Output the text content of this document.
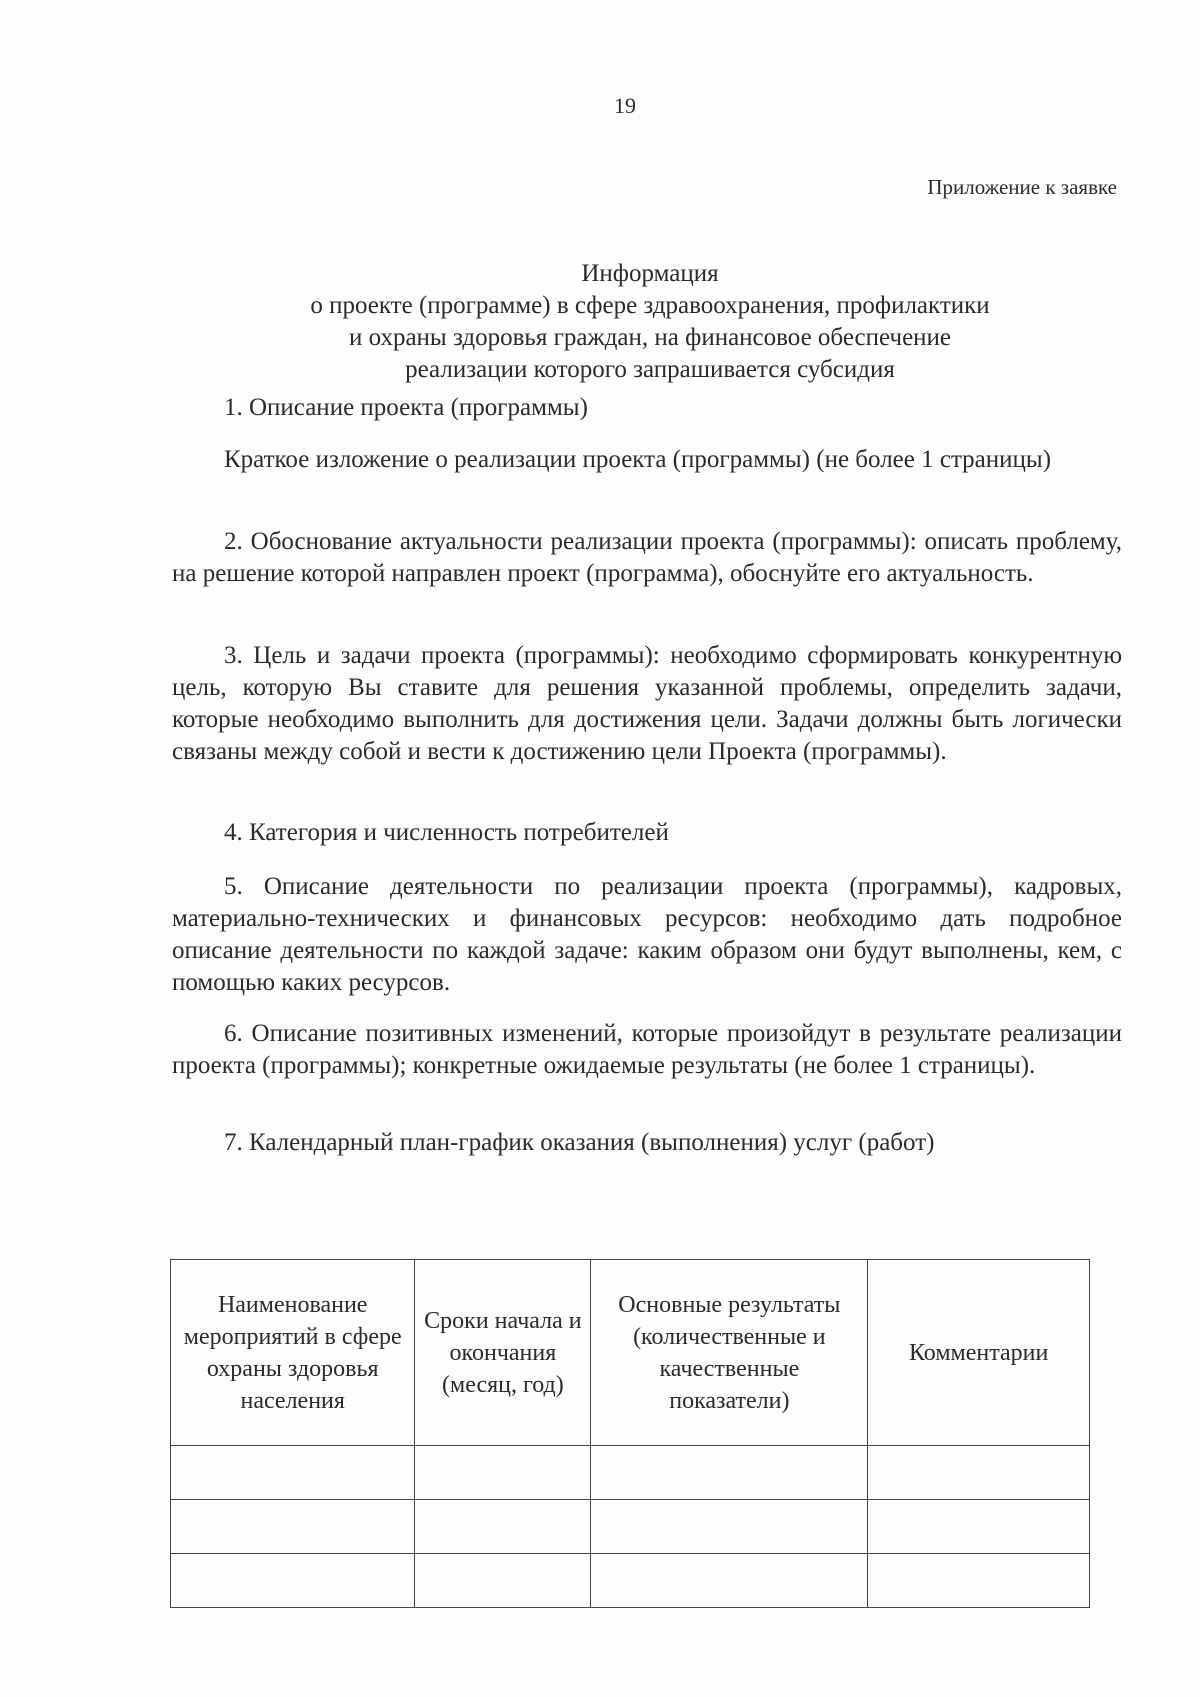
19
Приложение к заявке
Информация
о проекте (программе) в сфере здравоохранения, профилактики
и охраны здоровья граждан, на финансовое обеспечение
реализации которого запрашивается субсидия

1. Описание проекта (программы)

Краткое изложение о реализации проекта (программы) (не более 1 страницы)

2. Обоснование актуальности реализации проекта (программы): описать проблему, на решение которой направлен проект (программа), обоснуйте его актуальность.

3. Цель и задачи проекта (программы): необходимо сформировать конкурентную цель, которую Вы ставите для решения указанной проблемы, определить задачи, которые необходимо выполнить для достижения цели. Задачи должны быть логически связаны между собой и вести к достижению цели Проекта (программы).

4. Категория и численность потребителей

5. Описание деятельности по реализации проекта (программы), кадровых, материально-технических и финансовых ресурсов: необходимо дать подробное описание деятельности по каждой задаче: каким образом они будут выполнены, кем, с помощью каких ресурсов.

6. Описание позитивных изменений, которые произойдут в результате реализации проекта (программы); конкретные ожидаемые результаты (не более 1 страницы).

7. Календарный план-график оказания (выполнения) услуг (работ)

Наименование мероприятий в сфере охраны здоровья населения	Сроки начала и окончания (месяц, год)	Основные результаты (количественные и качественные показатели)	Комментарии
